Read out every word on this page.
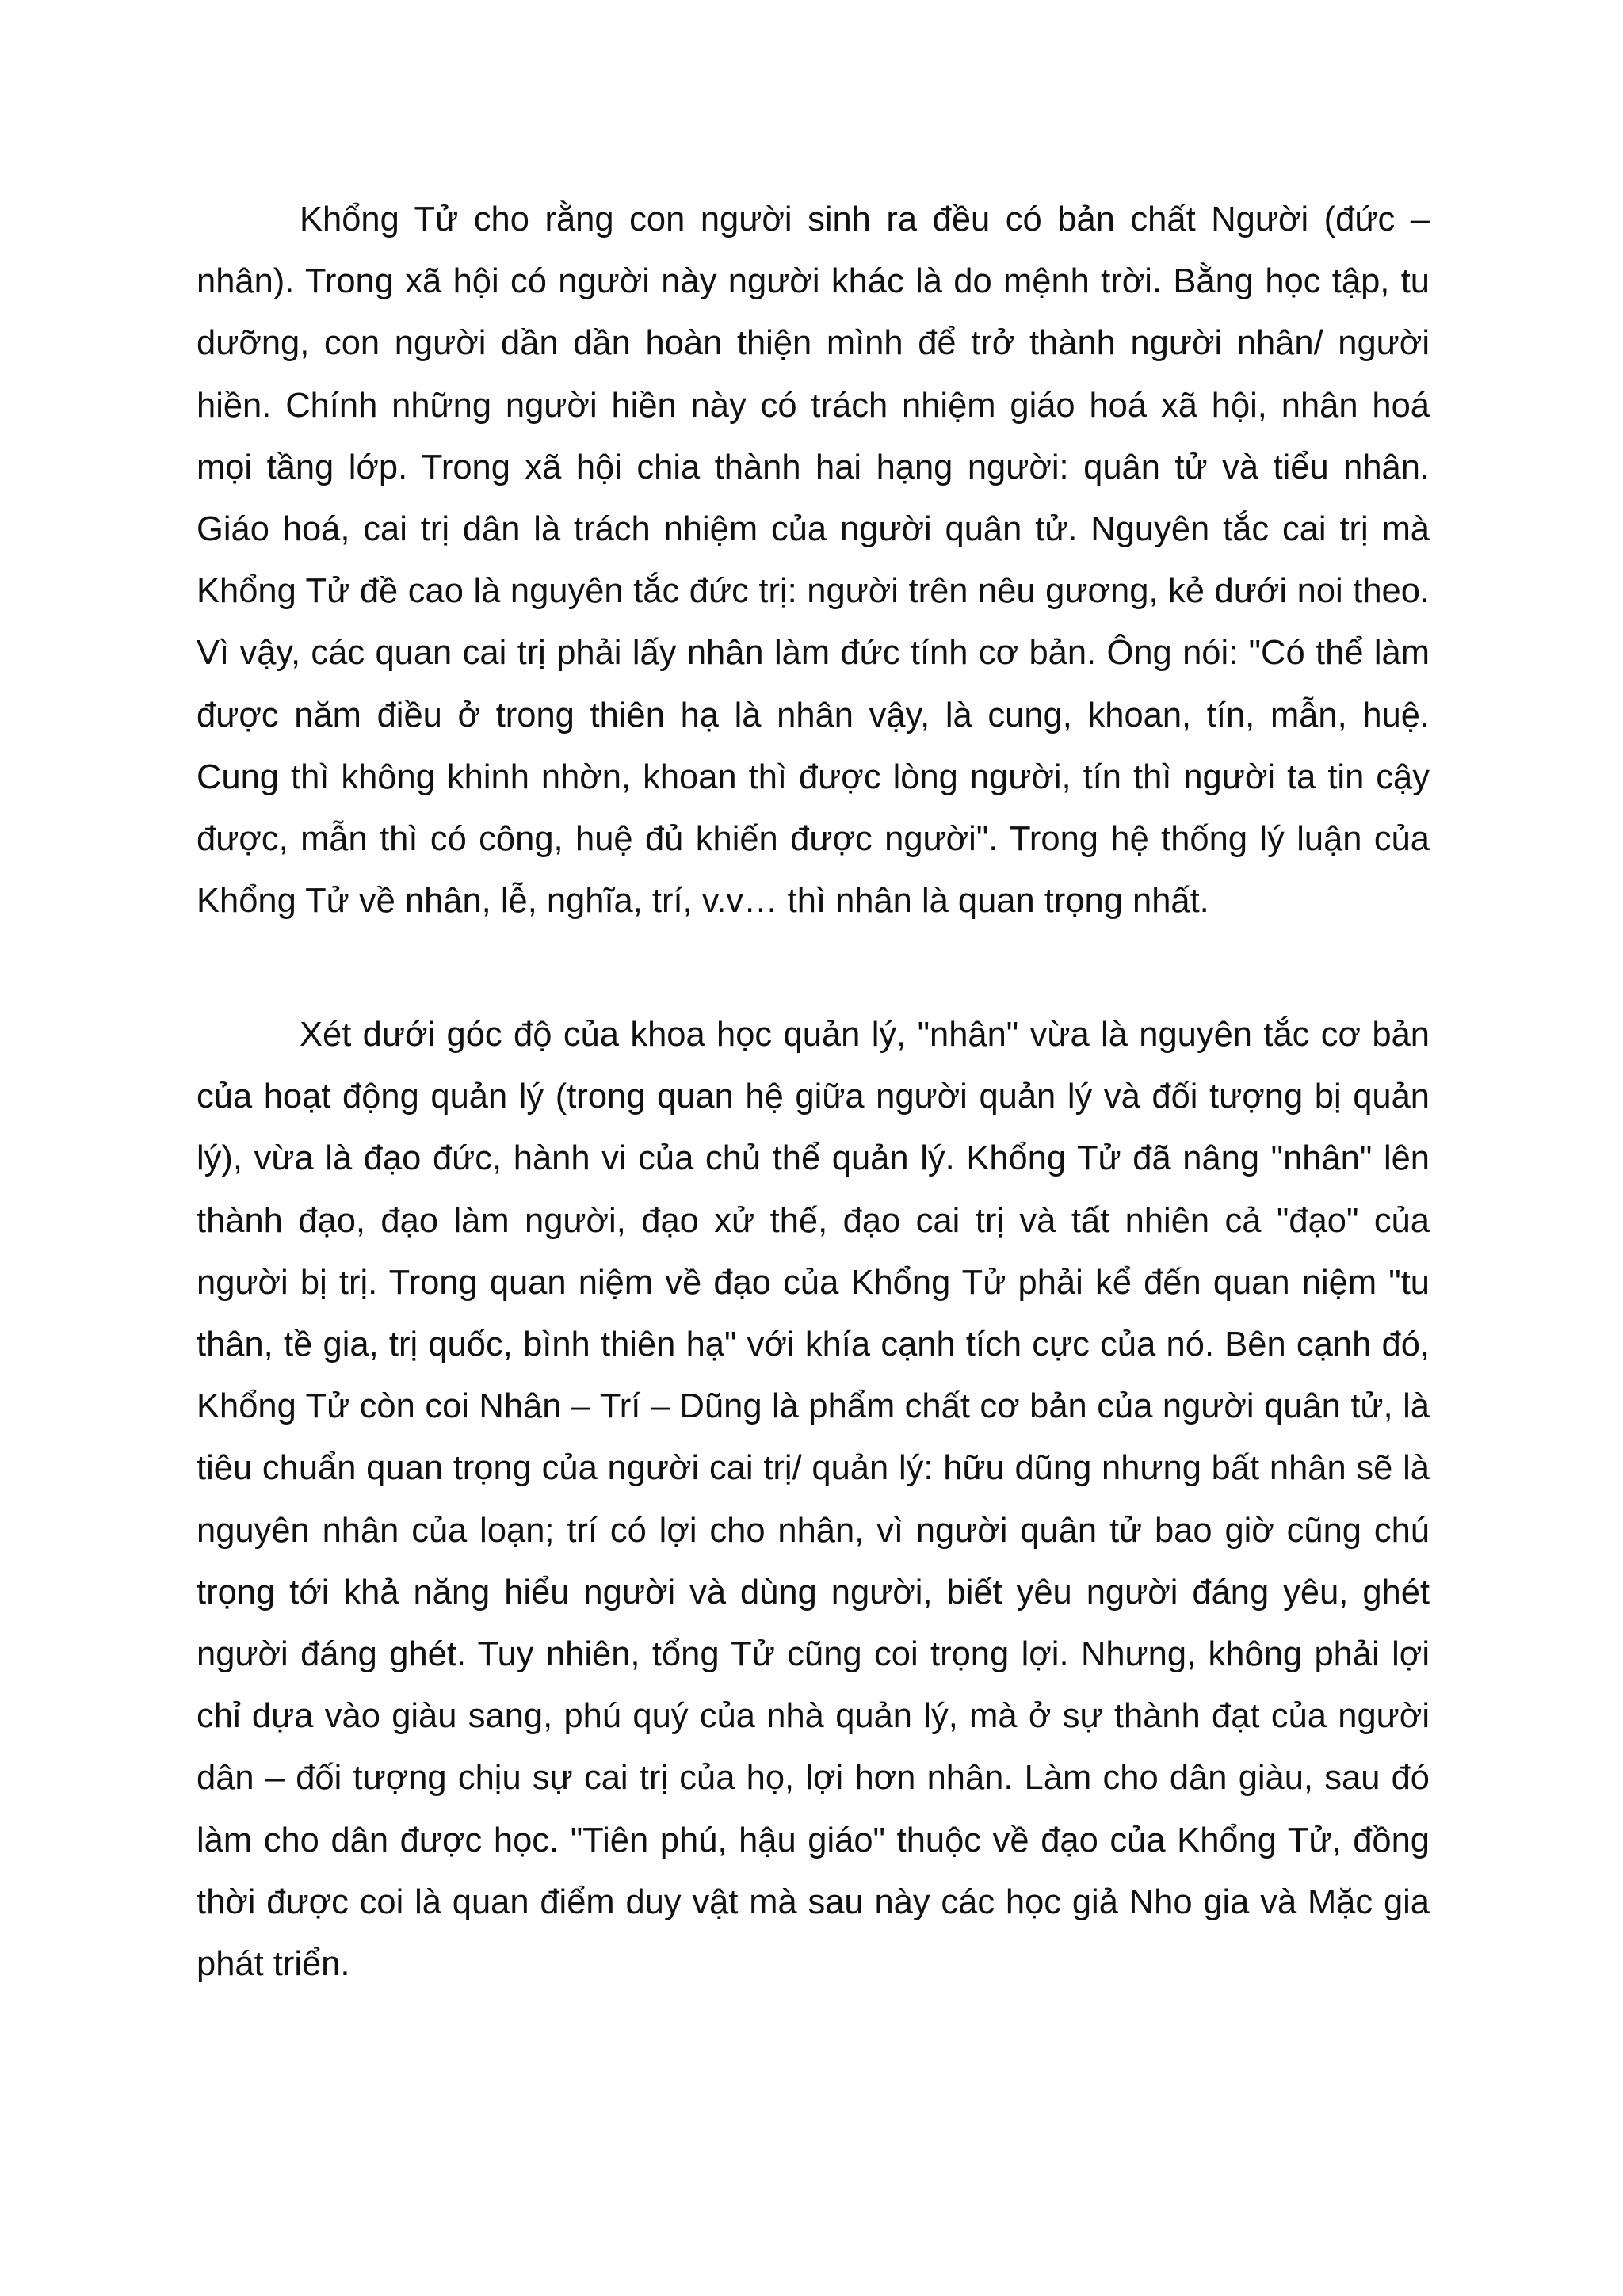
Khổng Tử cho rằng con người sinh ra đều có bản chất Người (đức – nhân). Trong xã hội có người này người khác là do mệnh trời. Bằng học tập, tu dưỡng, con người dần dần hoàn thiện mình để trở thành người nhân/ người hiền. Chính những người hiền này có trách nhiệm giáo hoá xã hội, nhân hoá mọi tầng lớp. Trong xã hội chia thành hai hạng người: quân tử và tiểu nhân. Giáo hoá, cai trị dân là trách nhiệm của người quân tử. Nguyên tắc cai trị mà Khổng Tử đề cao là nguyên tắc đức trị: người trên nêu gương, kẻ dưới noi theo. Vì vậy, các quan cai trị phải lấy nhân làm đức tính cơ bản. Ông nói: "Có thể làm được năm điều ở trong thiên hạ là nhân vậy, là cung, khoan, tín, mẫn, huệ. Cung thì không khinh nhờn, khoan thì được lòng người, tín thì người ta tin cậy được, mẫn thì có công, huệ đủ khiến được người". Trong hệ thống lý luận của Khổng Tử về nhân, lễ, nghĩa, trí, v.v… thì nhân là quan trọng nhất.

Xét dưới góc độ của khoa học quản lý, "nhân" vừa là nguyên tắc cơ bản của hoạt động quản lý (trong quan hệ giữa người quản lý và đối tượng bị quản lý), vừa là đạo đức, hành vi của chủ thể quản lý. Khổng Tử đã nâng "nhân" lên thành đạo, đạo làm người, đạo xử thế, đạo cai trị và tất nhiên cả "đạo" của người bị trị. Trong quan niệm về đạo của Khổng Tử phải kể đến quan niệm "tu thân, tề gia, trị quốc, bình thiên hạ" với khía cạnh tích cực của nó. Bên cạnh đó, Khổng Tử còn coi Nhân – Trí – Dũng là phẩm chất cơ bản của người quân tử, là tiêu chuẩn quan trọng của người cai trị/ quản lý: hữu dũng nhưng bất nhân sẽ là nguyên nhân của loạn; trí có lợi cho nhân, vì người quân tử bao giờ cũng chú trọng tới khả năng hiểu người và dùng người, biết yêu người đáng yêu, ghét người đáng ghét. Tuy nhiên, tổng Tử cũng coi trọng lợi. Nhưng, không phải lợi chỉ dựa vào giàu sang, phú quý của nhà quản lý, mà ở sự thành đạt của người dân – đối tượng chịu sự cai trị của họ, lợi hơn nhân. Làm cho dân giàu, sau đó làm cho dân được học. "Tiên phú, hậu giáo" thuộc về đạo của Khổng Tử, đồng thời được coi là quan điểm duy vật mà sau này các học giả Nho gia và Mặc gia phát triển.
